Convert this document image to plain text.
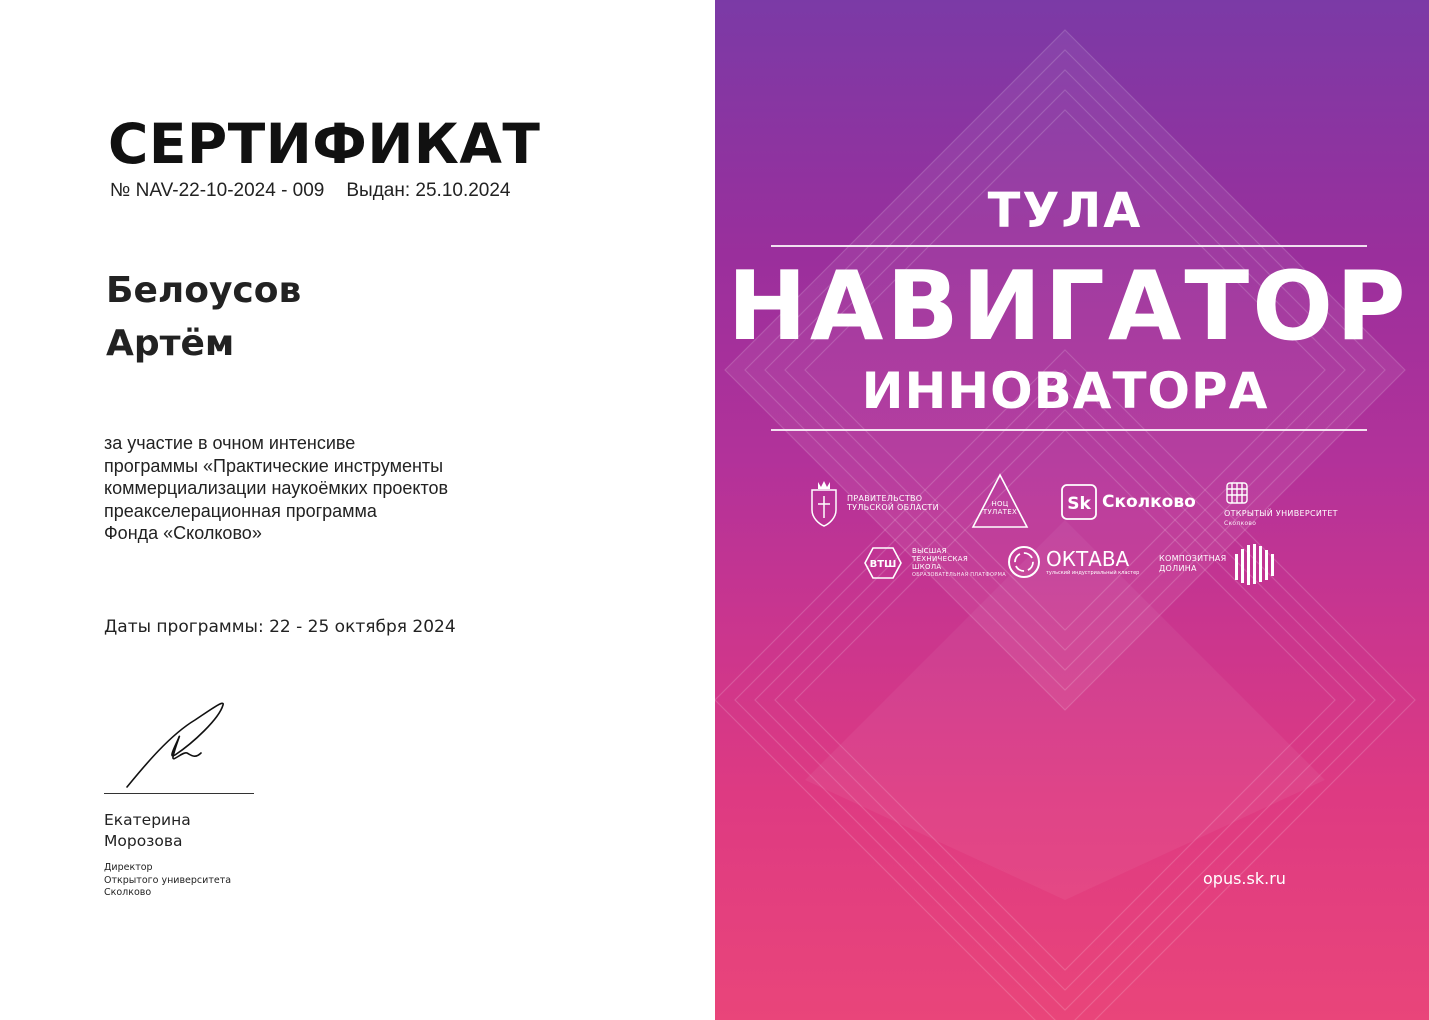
СЕРТИФИКАТ
№ NAV-22-10-2024 - 009 Выдан: 25.10.2024
Белоусов
Артём
за участие в очном интенсиве
программы «Практические инструменты
коммерциализации наукоёмких проектов
преакселерационная программа
Фонда «Сколково»
Даты программы: 22 - 25 октября 2024
Екатерина
Морозова
Директор
Открытого университета
Сколково
ТУЛА
НАВИГАТОР
ИННОВАТОРА
ПРАВИТЕЛЬСТВО
ТУЛЬСКОЙ ОБЛАСТИ	НОЦ
ТУЛАТЕХ	Sk Сколково
ОТКРЫТЫЙ УНИВЕРСИТЕТ
Сколково
ВТШ
ВЫСШАЯ
ТЕХНИЧЕСКАЯ
ШКОЛА
ОБРАЗОВАТЕЛЬНАЯ ПЛАТФОРМА
ОКТАВА
тульский индустриальный кластер
КОМПОЗИТНАЯ
ДОЛИНА
opus.sk.ru
